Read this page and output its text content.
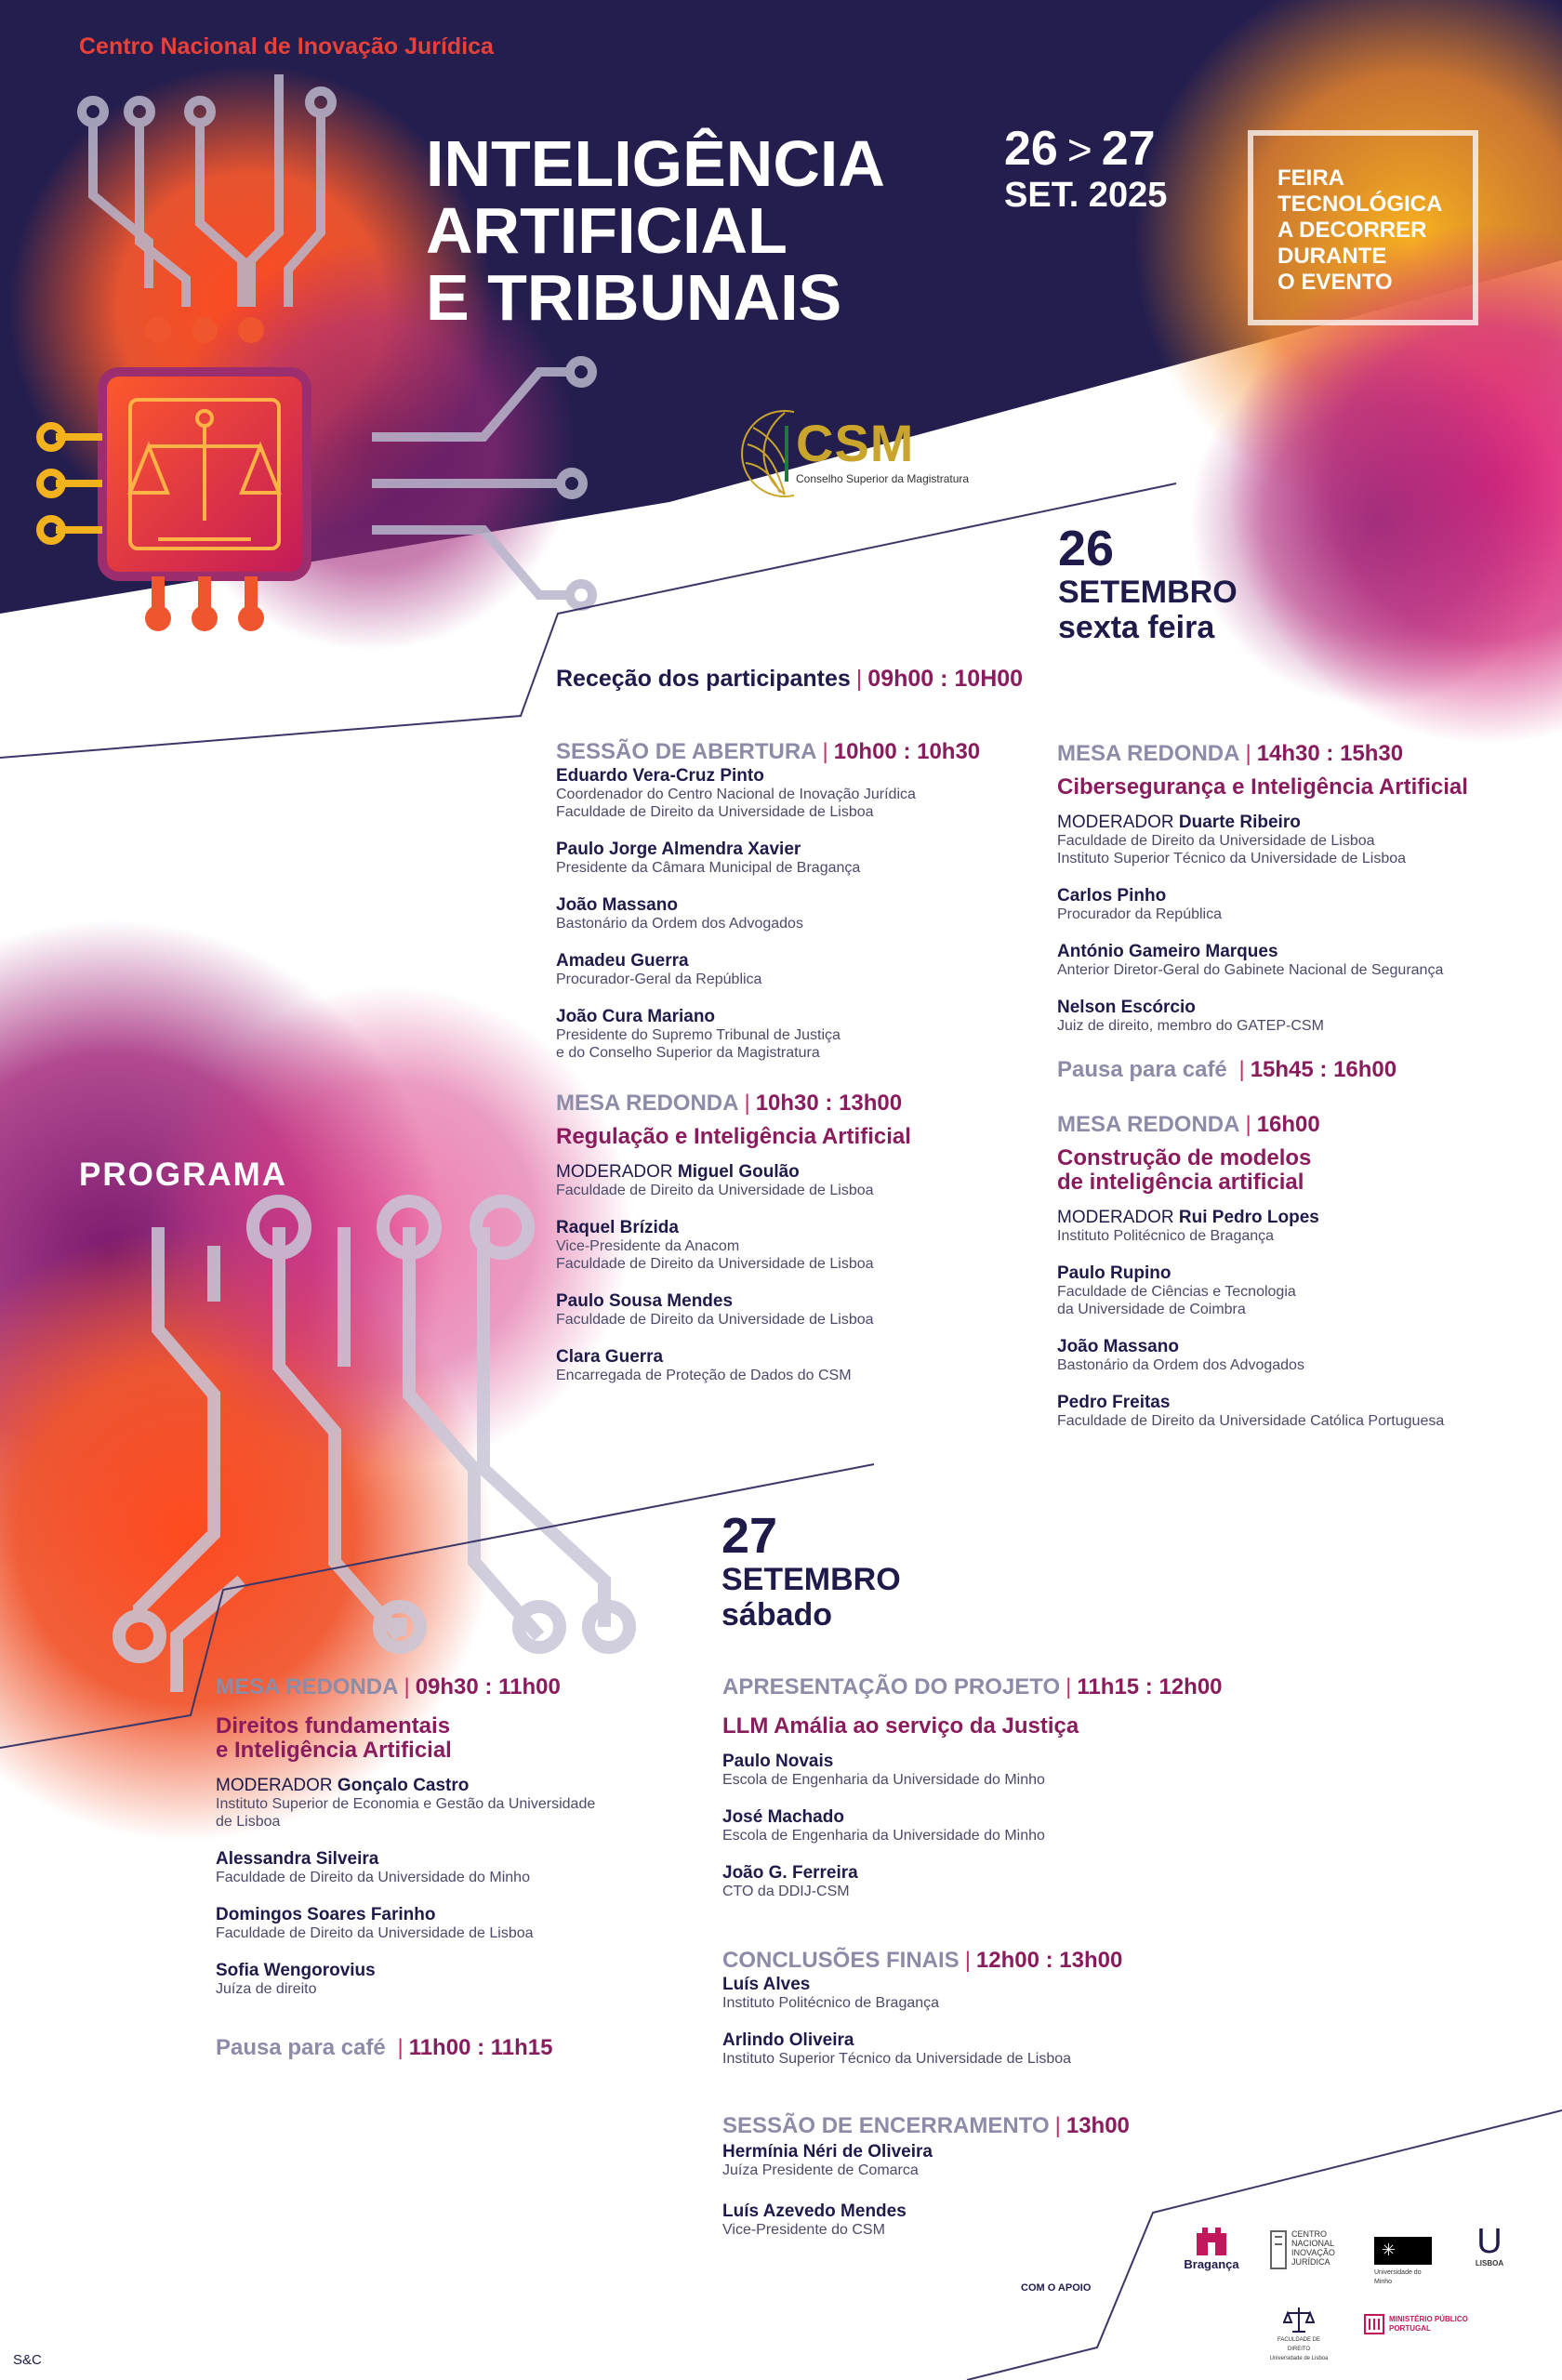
Centro Nacional de Inovação Jurídica
INTELIGÊNCIA
ARTIFICIAL
E TRIBUNAIS
26 > 27
SET. 2025	FEIRA
TECNOLÓGICA
A DECORRER
DURANTE
O EVENTO
CSM
Conselho Superior da Magistratura
PROGRAMA
26
SETEMBRO
sexta feira
Receção dos participantes | 09h00 : 10H00
SESSÃO DE ABERTURA | 10h00 : 10h30
Eduardo Vera-Cruz Pinto
Coordenador do Centro Nacional de Inovação Jurídica
Faculdade de Direito da Universidade de Lisboa
Paulo Jorge Almendra Xavier
Presidente da Câmara Municipal de Bragança
João Massano
Bastonário da Ordem dos Advogados
Amadeu Guerra
Procurador-Geral da República
João Cura Mariano
Presidente do Supremo Tribunal de Justiça
e do Conselho Superior da Magistratura
MESA REDONDA | 10h30 : 13h00
Regulação e Inteligência Artificial
MODERADOR Miguel Goulão
Faculdade de Direito da Universidade de Lisboa
Raquel Brízida
Vice-Presidente da Anacom
Faculdade de Direito da Universidade de Lisboa
Paulo Sousa Mendes
Faculdade de Direito da Universidade de Lisboa
Clara Guerra
Encarregada de Proteção de Dados do CSM
MESA REDONDA | 14h30 : 15h30
Cibersegurança e Inteligência Artificial
MODERADOR Duarte Ribeiro
Faculdade de Direito da Universidade de Lisboa
Instituto Superior Técnico da Universidade de Lisboa
Carlos Pinho
Procurador da República
António Gameiro Marques
Anterior Diretor-Geral do Gabinete Nacional de Segurança
Nelson Escórcio
Juiz de direito, membro do GATEP-CSM
Pausa para café | 15h45 : 16h00
MESA REDONDA | 16h00
Construção de modelos
de inteligência artificial
MODERADOR Rui Pedro Lopes
Instituto Politécnico de Bragança
Paulo Rupino
Faculdade de Ciências e Tecnologia
da Universidade de Coimbra
João Massano
Bastonário da Ordem dos Advogados
Pedro Freitas
Faculdade de Direito da Universidade Católica Portuguesa
27
SETEMBRO
sábado
MESA REDONDA | 09h30 : 11h00
Direitos fundamentais
e Inteligência Artificial
MODERADOR Gonçalo Castro
Instituto Superior de Economia e Gestão da Universidade
de Lisboa
Alessandra Silveira
Faculdade de Direito da Universidade do Minho
Domingos Soares Farinho
Faculdade de Direito da Universidade de Lisboa
Sofia Wengorovius
Juíza de direito
Pausa para café | 11h00 : 11h15
APRESENTAÇÃO DO PROJETO | 11h15 : 12h00
LLM Amália ao serviço da Justiça
Paulo Novais
Escola de Engenharia da Universidade do Minho
José Machado
Escola de Engenharia da Universidade do Minho
João G. Ferreira
CTO da DDIJ-CSM
CONCLUSÕES FINAIS | 12h00 : 13h00
Luís Alves
Instituto Politécnico de Bragança
Arlindo Oliveira
Instituto Superior Técnico da Universidade de Lisboa
SESSÃO DE ENCERRAMENTO | 13h00
Hermínia Néri de Oliveira
Juíza Presidente de Comarca
Luís Azevedo Mendes
Vice-Presidente do CSM
COM O APOIO
Bragança
CENTRO
NACIONAL
INOVAÇÃO
JURÍDICA
✳
Universidade do Minho
U
LISBOA
FACULDADE DE DIREITO
Universidade de Lisboa
MINISTÉRIO PÚBLICO
PORTUGAL
S&C
